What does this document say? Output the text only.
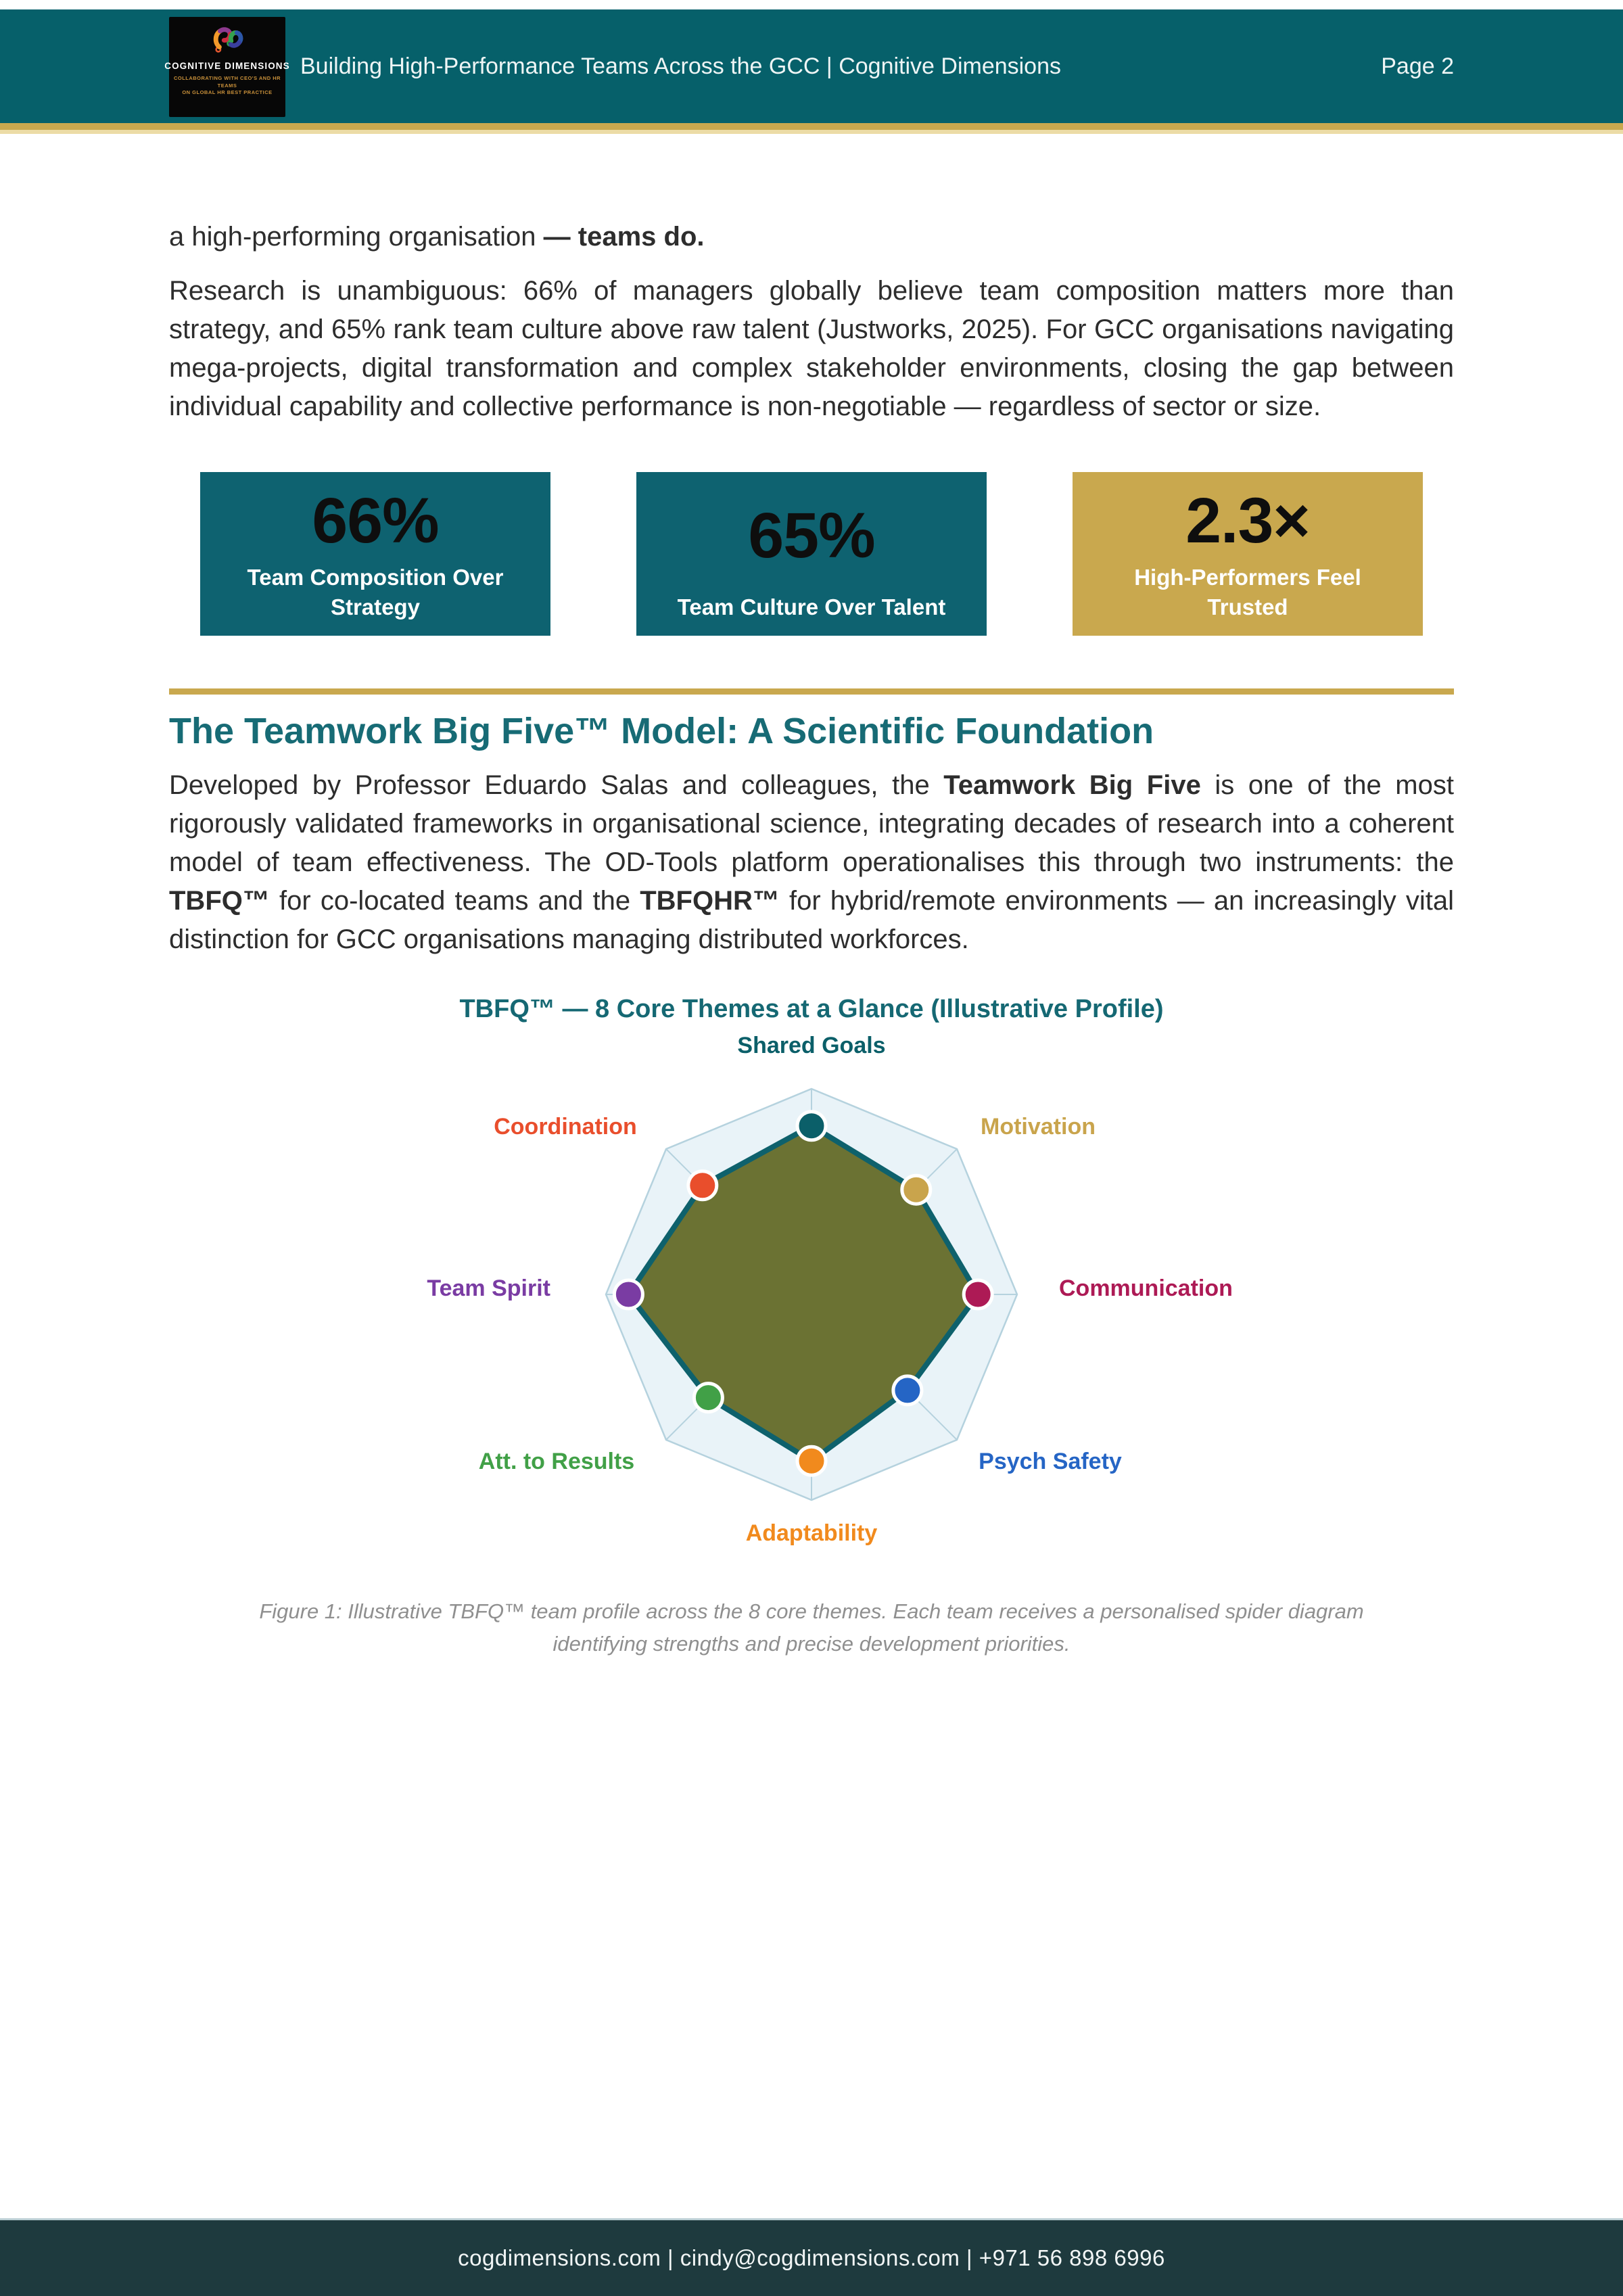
COGNITIVE DIMENSIONS
COLLABORATING WITH CEO'S AND HR TEAMS
ON GLOBAL HR BEST PRACTICE
Building High-Performance Teams Across the GCC | Cognitive Dimensions	Page 2

a high-performing organisation — teams do.

Research is unambiguous: 66% of managers globally believe team composition matters more than strategy, and 65% rank team culture above raw talent (Justworks, 2025). For GCC organisations navigating mega-projects, digital transformation and complex stakeholder environments, closing the gap between individual capability and collective performance is non-negotiable — regardless of sector or size.

66%
Team Composition Over Strategy
65%
Team Culture Over Talent
2.3×
High-Performers Feel Trusted
The Teamwork Big Five™ Model: A Scientific Foundation

Developed by Professor Eduardo Salas and colleagues, the Teamwork Big Five is one of the most rigorously validated frameworks in organisational science, integrating decades of research into a coherent model of team effectiveness. The OD-Tools platform operationalises this through two instruments: the TBFQ™ for co-located teams and the TBFQHR™ for hybrid/remote environments — an increasingly vital distinction for GCC organisations managing distributed workforces.

TBFQ™ — 8 Core Themes at a Glance (Illustrative Profile)
Shared Goals
Motivation
Communication
Psych Safety
Adaptability
Att. to Results
Team Spirit
Coordination

Figure 1: Illustrative TBFQ™ team profile across the 8 core themes. Each team receives a personalised spider diagram identifying strengths and precise development priorities.

cogdimensions.com | cindy@cogdimensions.com | +971 56 898 6996
